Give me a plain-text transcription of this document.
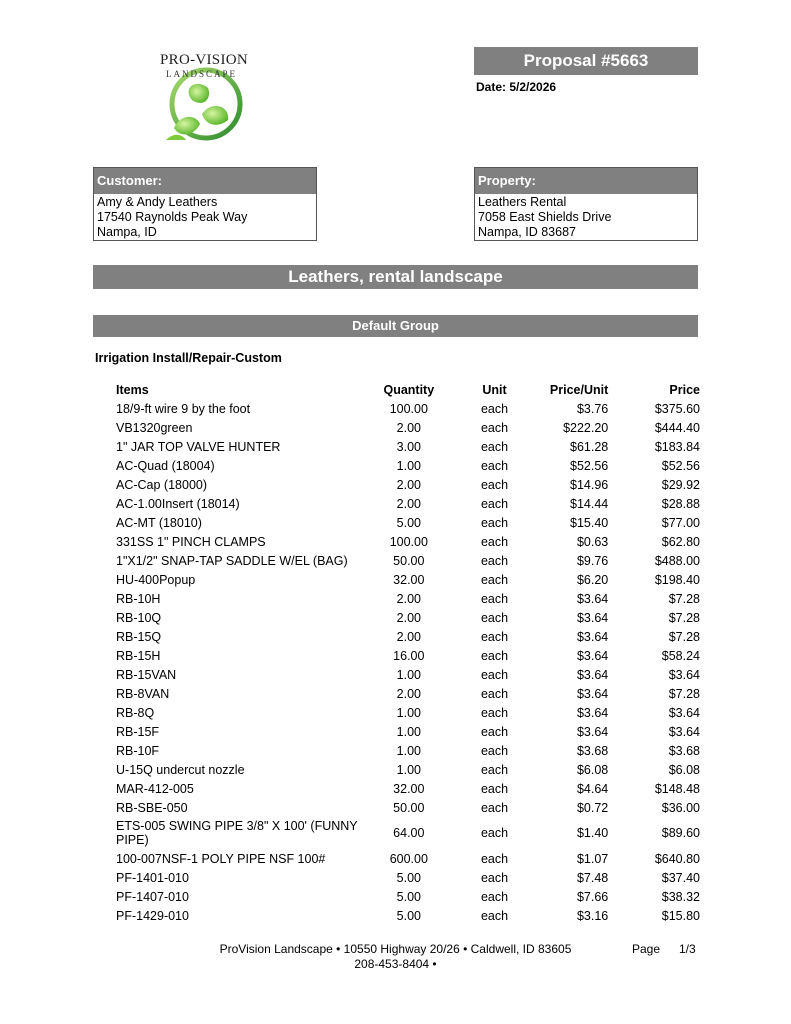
PRO-VISION
LANDSCAPE
Proposal #5663
Date: 5/2/2026
Customer:
Amy & Andy Leathers
17540 Raynolds Peak Way
Nampa, ID
Property:
Leathers Rental
7058 East Shields Drive
Nampa, ID 83687
Leathers, rental landscape
Default Group
Irrigation Install/Repair-Custom
Items	Quantity	Unit	Price/Unit	Price
18/9-ft wire 9 by the foot	100.00	each	$3.76	$375.60
VB1320green	2.00	each	$222.20	$444.40
1" JAR TOP VALVE HUNTER	3.00	each	$61.28	$183.84
AC-Quad (18004)	1.00	each	$52.56	$52.56
AC-Cap (18000)	2.00	each	$14.96	$29.92
AC-1.00Insert (18014)	2.00	each	$14.44	$28.88
AC-MT (18010)	5.00	each	$15.40	$77.00
331SS 1" PINCH CLAMPS	100.00	each	$0.63	$62.80
1"X1/2" SNAP-TAP SADDLE W/EL (BAG)	50.00	each	$9.76	$488.00
HU-400Popup	32.00	each	$6.20	$198.40
RB-10H	2.00	each	$3.64	$7.28
RB-10Q	2.00	each	$3.64	$7.28
RB-15Q	2.00	each	$3.64	$7.28
RB-15H	16.00	each	$3.64	$58.24
RB-15VAN	1.00	each	$3.64	$3.64
RB-8VAN	2.00	each	$3.64	$7.28
RB-8Q	1.00	each	$3.64	$3.64
RB-15F	1.00	each	$3.64	$3.64
RB-10F	1.00	each	$3.68	$3.68
U-15Q undercut nozzle	1.00	each	$6.08	$6.08
MAR-412-005	32.00	each	$4.64	$148.48
RB-SBE-050	50.00	each	$0.72	$36.00
ETS-005 SWING PIPE 3/8" X 100' (FUNNY PIPE)	64.00	each	$1.40	$89.60
100-007NSF-1 POLY PIPE NSF 100#	600.00	each	$1.07	$640.80
PF-1401-010	5.00	each	$7.48	$37.40
PF-1407-010	5.00	each	$7.66	$38.32
PF-1429-010	5.00	each	$3.16	$15.80
ProVision Landscape • 10550 Highway 20/26 • Caldwell, ID 83605
208-453-8404 •
Page 1/3
